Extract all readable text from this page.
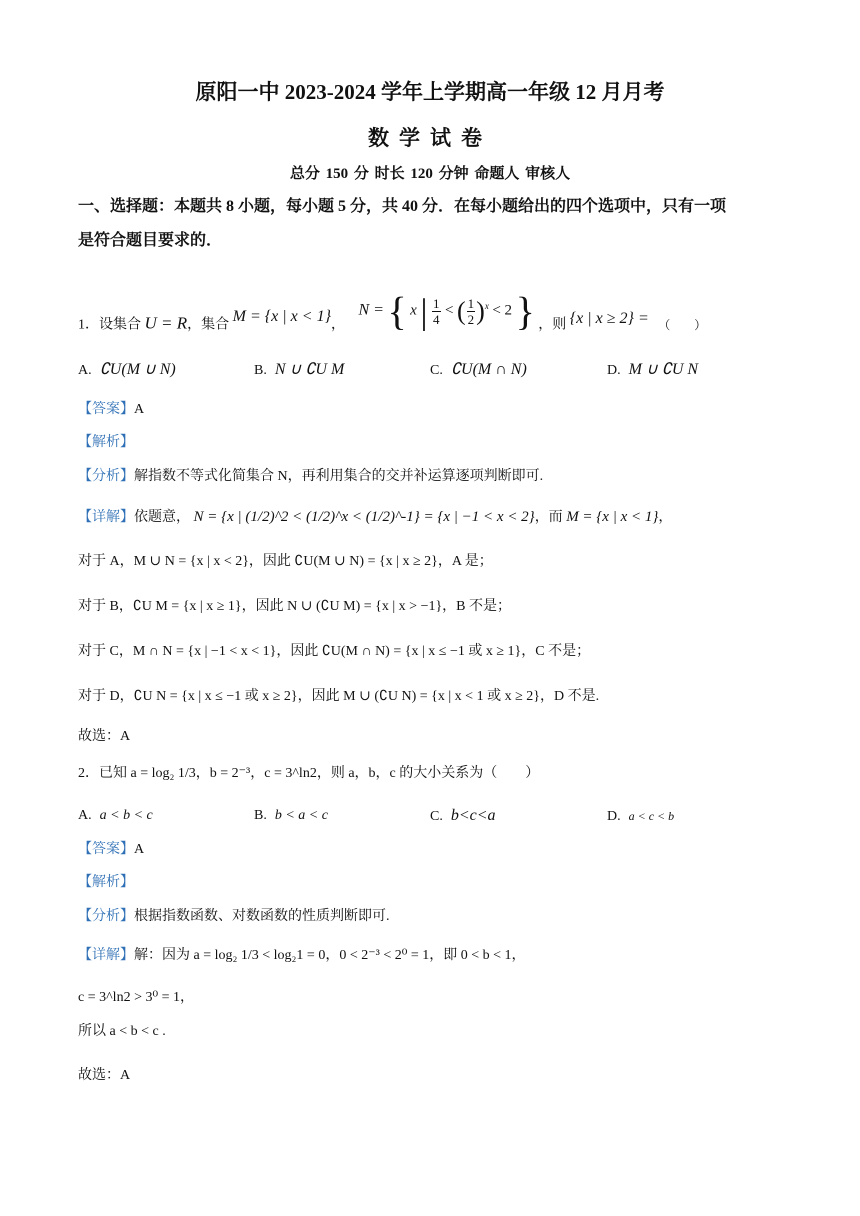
原阳一中 2023-2024 学年上学期高一年级 12 月月考
数学试卷
总分 150 分 时长 120 分钟 命题人 审核人
一、选择题：本题共 8 小题，每小题 5 分，共 40 分．在每小题给出的四个选项中，只有一项
是符合题目要求的．
1．设集合 U = R，集合 M = {x | x < 1}， N = { x | $\frac{1}{4}$ < ( $\frac{1}{2} )^x < 2$ } ，则 {x | x ≥ 2} = （　　）
A. ∁U(M ∪ N)	B. N ∪ ∁U M	C. ∁U(M ∩ N)	D. M ∪ ∁U N
【答案】A
【解析】
【分析】解指数不等式化简集合 N，再利用集合的交并补运算逐项判断即可.
【详解】依题意， N = {x | (1/2)^2 < (1/2)^x < (1/2)^-1} = {x | −1 < x < 2}，而 M = {x | x < 1}，
对于 A，M ∪ N = {x | x < 2}，因此 ∁U(M ∪ N) = {x | x ≥ 2}，A 是；
对于 B，∁U M = {x | x ≥ 1}，因此 N ∪ (∁U M) = {x | x > −1}，B 不是；
对于 C，M ∩ N = {x | −1 < x < 1}，因此 ∁U(M ∩ N) = {x | x ≤ −1 或 x ≥ 1}，C 不是；
对于 D，∁U N = {x | x ≤ −1 或 x ≥ 2}，因此 M ∪ (∁U N) = {x | x < 1 或 x ≥ 2}，D 不是.
故选：A
2．已知 a = log₂ 1/3，b = 2⁻³，c = 3^ln2，则 a，b，c 的大小关系为（　　）
A. a < b < c	B. b < a < c	C. b<c<a	D. a < c < b
【答案】A
【解析】
【分析】根据指数函数、对数函数的性质判断即可.
【详解】解：因为 a = log₂ 1/3 < log₂1 = 0，0 < 2⁻³ < 2⁰ = 1，即 0 < b < 1，
c = 3^ln2 > 3⁰ = 1，
所以 a < b < c .
故选：A
